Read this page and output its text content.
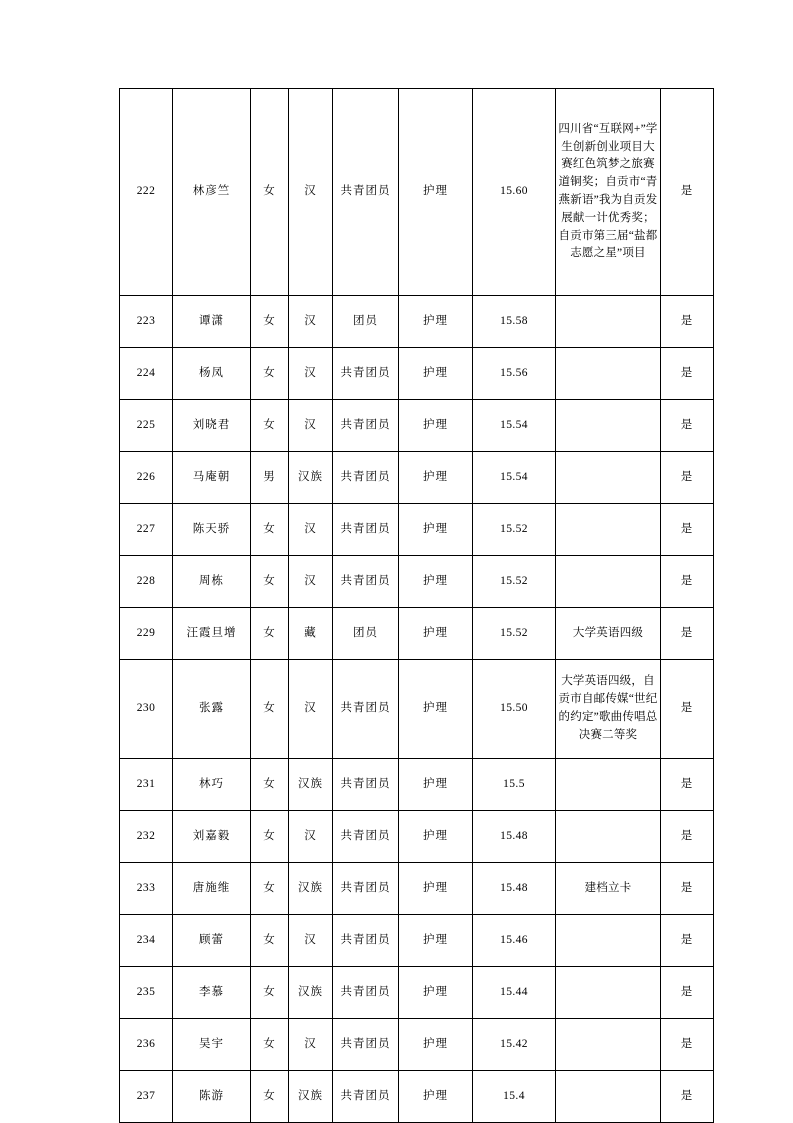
222	林彦竺	女	汉	共青团员	护理	15.60	四川省“互联网+”学生创新创业项目大赛红色筑梦之旅赛道铜奖；自贡市“青燕新语”我为自贡发展献一计优秀奖；自贡市第三届“盐都志愿之星”项目	是
223	谭潇	女	汉	团员	护理	15.58		是
224	杨凤	女	汉	共青团员	护理	15.56		是
225	刘晓君	女	汉	共青团员	护理	15.54		是
226	马庵朝	男	汉族	共青团员	护理	15.54		是
227	陈天骄	女	汉	共青团员	护理	15.52		是
228	周栋	女	汉	共青团员	护理	15.52		是
229	汪霞旦增	女	藏	团员	护理	15.52	大学英语四级	是
230	张露	女	汉	共青团员	护理	15.50	大学英语四级，自贡市自邮传媒“世纪的约定”歌曲传唱总决赛二等奖	是
231	林巧	女	汉族	共青团员	护理	15.5		是
232	刘嘉毅	女	汉	共青团员	护理	15.48		是
233	唐施维	女	汉族	共青团员	护理	15.48	建档立卡	是
234	顾蕾	女	汉	共青团员	护理	15.46		是
235	李慕	女	汉族	共青团员	护理	15.44		是
236	吴宇	女	汉	共青团员	护理	15.42		是
237	陈游	女	汉族	共青团员	护理	15.4		是
